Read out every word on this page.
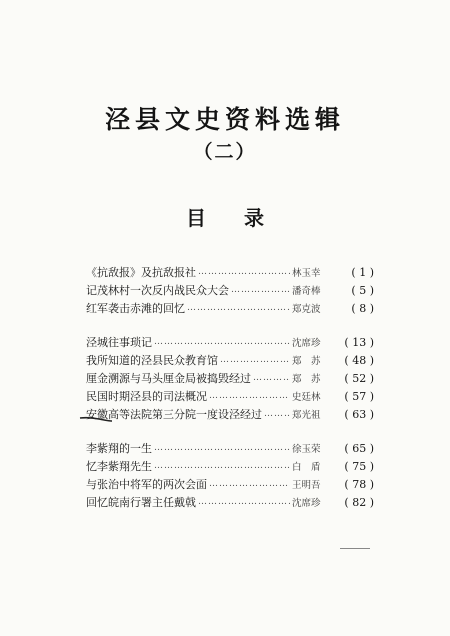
泾县文史资料选辑
（二）
目录
《抗敌报》及抗敌报社 ……………………………………………………………………………………………………………………	林玉幸	( 1 )
记茂林村一次反内战民众大会 ……………………………………………………………………………………………………………………	潘奇棒	( 5 )
红军袭击赤滩的回忆 ……………………………………………………………………………………………………………………	郑克波	( 8 )
泾城往事琐记 ……………………………………………………………………………………………………………………	沈席珍	( 13 )
我所知道的泾县民众教育馆 ……………………………………………………………………………………………………………………	郑　苏	( 48 )
厘金溯源与马头厘金局被捣毁经过 ……………………………………………………………………………………………………………………	郑　苏	( 52 )
民国时期泾县的司法概况 ……………………………………………………………………………………………………………………	史廷林	( 57 )
安徽高等法院第三分院一度设泾经过 ……………………………………………………………………………………………………………………	郑光祖	( 63 )
李紫翔的一生 ……………………………………………………………………………………………………………………	徐玉荣	( 65 )
忆李紫翔先生 ……………………………………………………………………………………………………………………	白　盾	( 75 )
与张治中将军的两次会面 ……………………………………………………………………………………………………………………	王明吾	( 78 )
回忆皖南行署主任戴戟 ……………………………………………………………………………………………………………………	沈席珍	( 82 )
